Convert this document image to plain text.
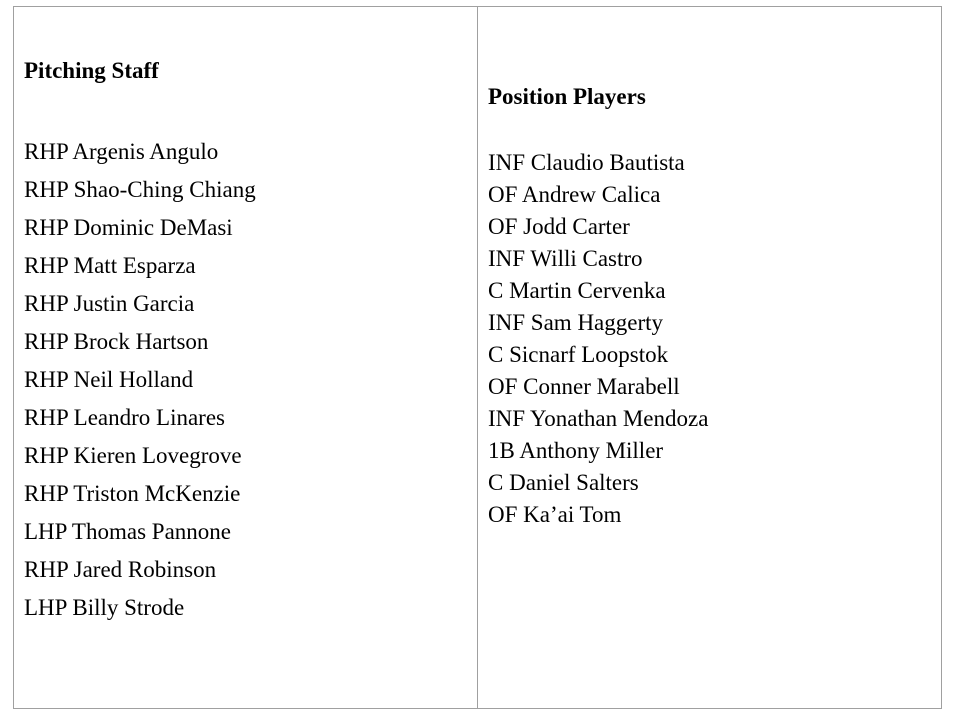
Pitching Staff
RHP Argenis Angulo
RHP Shao-Ching Chiang
RHP Dominic DeMasi
RHP Matt Esparza
RHP Justin Garcia
RHP Brock Hartson
RHP Neil Holland
RHP Leandro Linares
RHP Kieren Lovegrove
RHP Triston McKenzie
LHP Thomas Pannone
RHP Jared Robinson
LHP Billy Strode
Position Players
INF Claudio Bautista
OF Andrew Calica
OF Jodd Carter
INF Willi Castro
C Martin Cervenka
INF Sam Haggerty
C Sicnarf Loopstok
OF Conner Marabell
INF Yonathan Mendoza
1B Anthony Miller
C Daniel Salters
OF Ka’ai Tom
